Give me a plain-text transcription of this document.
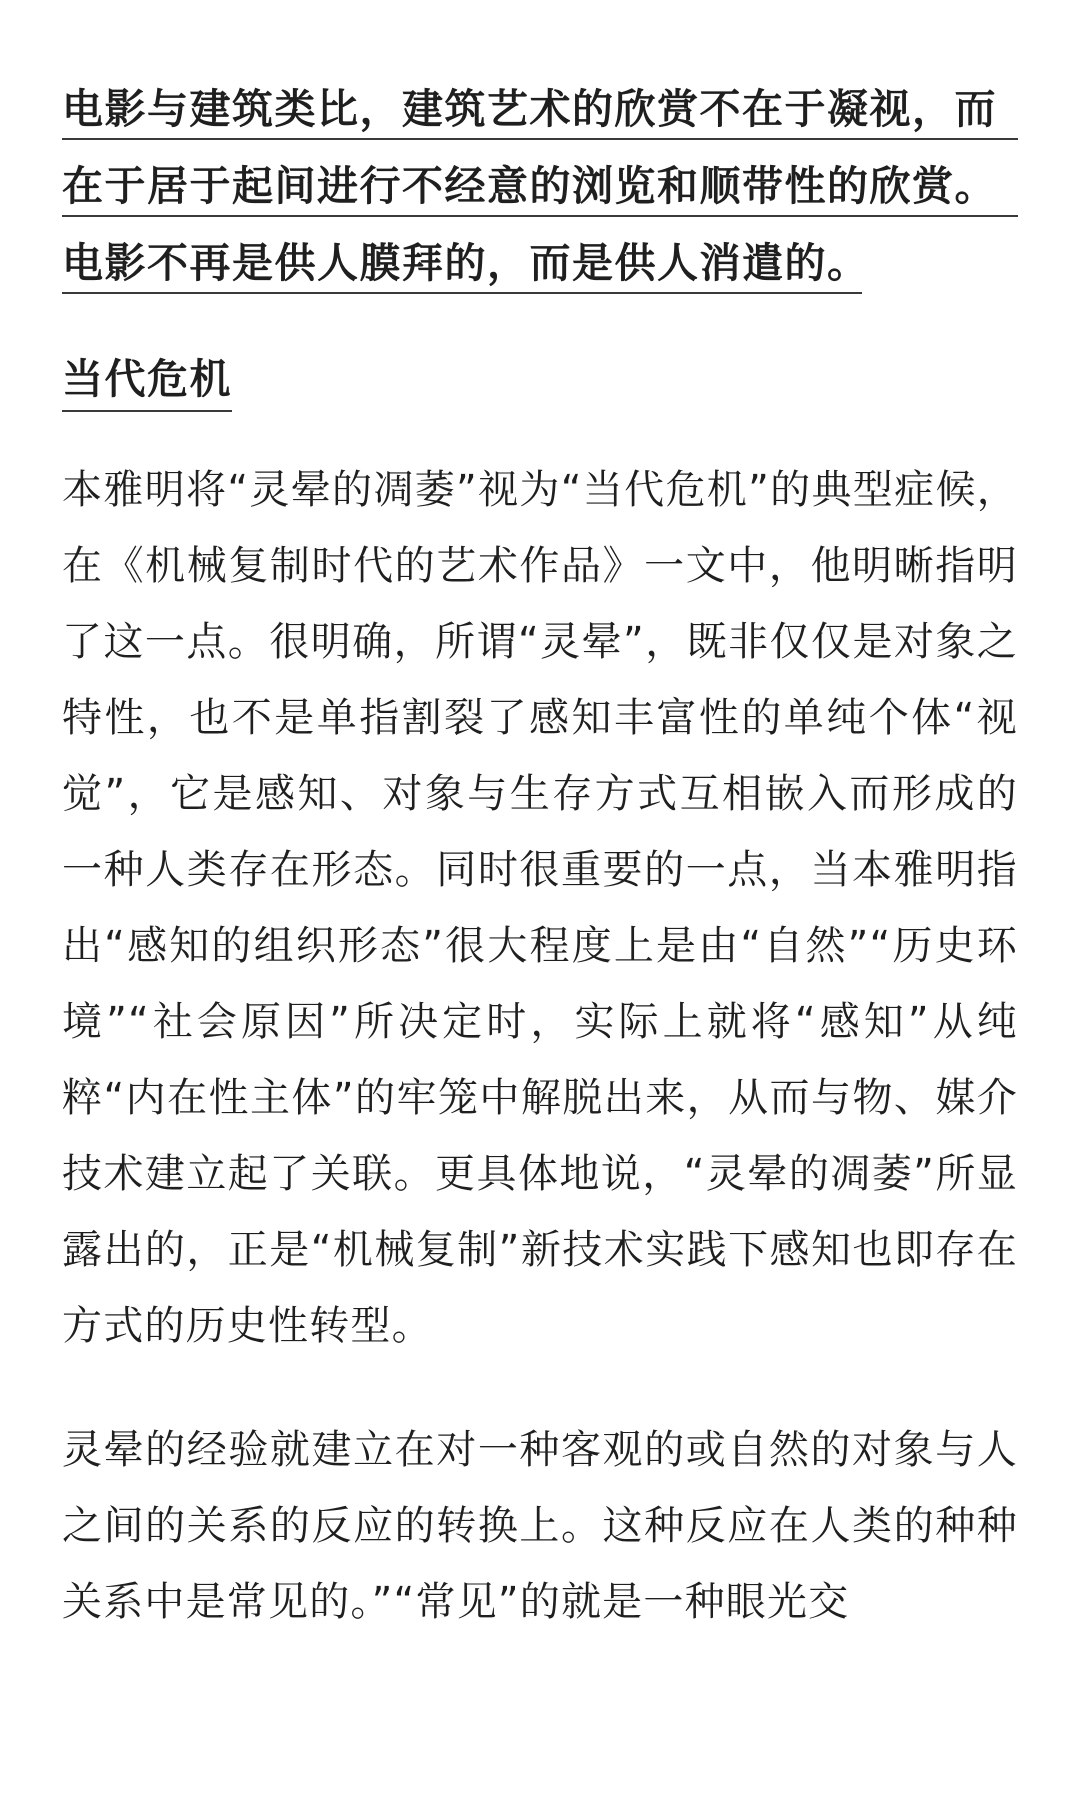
电影与建筑类比，建筑艺术的欣赏不在于凝视，而
在于居于起间进行不经意的浏览和顺带性的欣赏。
电影不再是供人膜拜的，而是供人消遣的。
当代危机

本雅明将“灵晕的凋萎”视为“当代危机”的典型症候，在《机械复制时代的艺术作品》一文中，他明晰指明了这一点。很明确，所谓“灵晕”，既非仅仅是对象之特性，也不是单指割裂了感知丰富性的单纯个体“视觉”，它是感知、对象与生存方式互相嵌入而形成的一种人类存在形态。同时很重要的一点，当本雅明指出“感知的组织形态”很大程度上是由“自然”“历史环境”“社会原因”所决定时，实际上就将“感知”从纯粹“内在性主体”的牢笼中解脱出来，从而与物、媒介技术建立起了关联。更具体地说，“灵晕的凋萎”所显露出的，正是“机械复制”新技术实践下感知也即存在方式的历史性转型。

灵晕的经验就建立在对一种客观的或自然的对象与人之间的关系的反应的转换上。这种反应在人类的种种关系中是常见的。”“常见”的就是一种眼光交
